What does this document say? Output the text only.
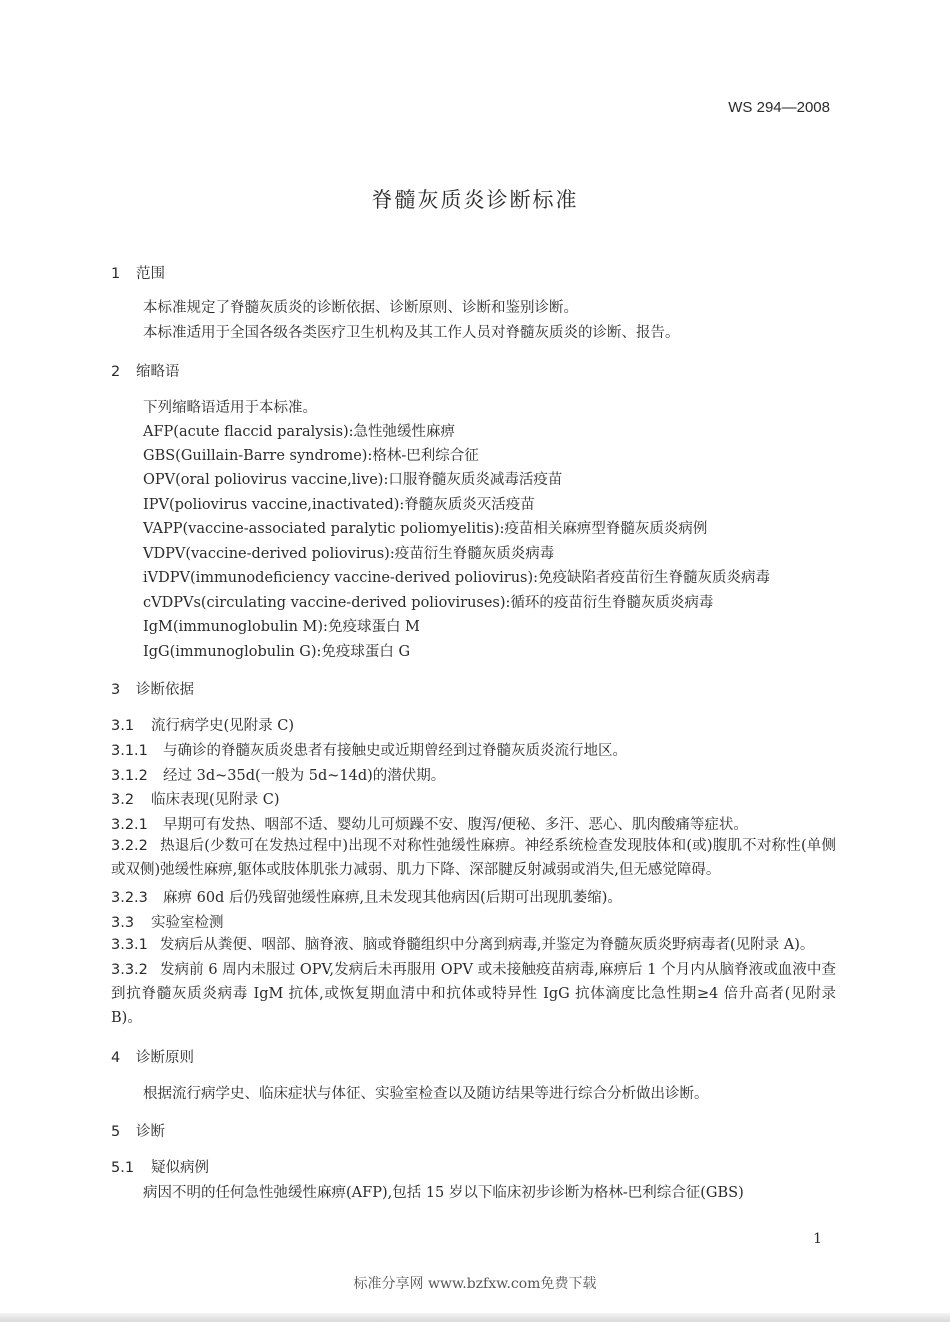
WS 294—2008
脊髓灰质炎诊断标准
1 范围
本标准规定了脊髓灰质炎的诊断依据、诊断原则、诊断和鉴别诊断。
本标准适用于全国各级各类医疗卫生机构及其工作人员对脊髓灰质炎的诊断、报告。
2 缩略语
下列缩略语适用于本标准。
AFP(acute flaccid paralysis):急性弛缓性麻痹
GBS(Guillain-Barre syndrome):格林-巴利综合征
OPV(oral poliovirus vaccine,live):口服脊髓灰质炎减毒活疫苗
IPV(poliovirus vaccine,inactivated):脊髓灰质炎灭活疫苗
VAPP(vaccine-associated paralytic poliomyelitis):疫苗相关麻痹型脊髓灰质炎病例
VDPV(vaccine-derived poliovirus):疫苗衍生脊髓灰质炎病毒
iVDPV(immunodeficiency vaccine-derived poliovirus):免疫缺陷者疫苗衍生脊髓灰质炎病毒
cVDPVs(circulating vaccine-derived polioviruses):循环的疫苗衍生脊髓灰质炎病毒
IgM(immunoglobulin M):免疫球蛋白 M
IgG(immunoglobulin G):免疫球蛋白 G
3 诊断依据
3.1 流行病学史(见附录 C)
3.1.1 与确诊的脊髓灰质炎患者有接触史或近期曾经到过脊髓灰质炎流行地区。
3.1.2 经过 3d~35d(一般为 5d~14d)的潜伏期。
3.2 临床表现(见附录 C)
3.2.1 早期可有发热、咽部不适、婴幼儿可烦躁不安、腹泻/便秘、多汗、恶心、肌肉酸痛等症状。
3.2.2 热退后(少数可在发热过程中)出现不对称性弛缓性麻痹。神经系统检查发现肢体和(或)腹肌不对称性(单侧或双侧)弛缓性麻痹,躯体或肢体肌张力减弱、肌力下降、深部腱反射减弱或消失,但无感觉障碍。
3.2.3 麻痹 60d 后仍残留弛缓性麻痹,且未发现其他病因(后期可出现肌萎缩)。
3.3 实验室检测
3.3.1 发病后从粪便、咽部、脑脊液、脑或脊髓组织中分离到病毒,并鉴定为脊髓灰质炎野病毒者(见附录 A)。
3.3.2 发病前 6 周内未服过 OPV,发病后未再服用 OPV 或未接触疫苗病毒,麻痹后 1 个月内从脑脊液或血液中查到抗脊髓灰质炎病毒 IgM 抗体,或恢复期血清中和抗体或特异性 IgG 抗体滴度比急性期≥4 倍升高者(见附录 B)。
4 诊断原则
根据流行病学史、临床症状与体征、实验室检查以及随访结果等进行综合分析做出诊断。
5 诊断
5.1 疑似病例
病因不明的任何急性弛缓性麻痹(AFP),包括 15 岁以下临床初步诊断为格林-巴利综合征(GBS)
1
标准分享网 www.bzfxw.com免费下载
